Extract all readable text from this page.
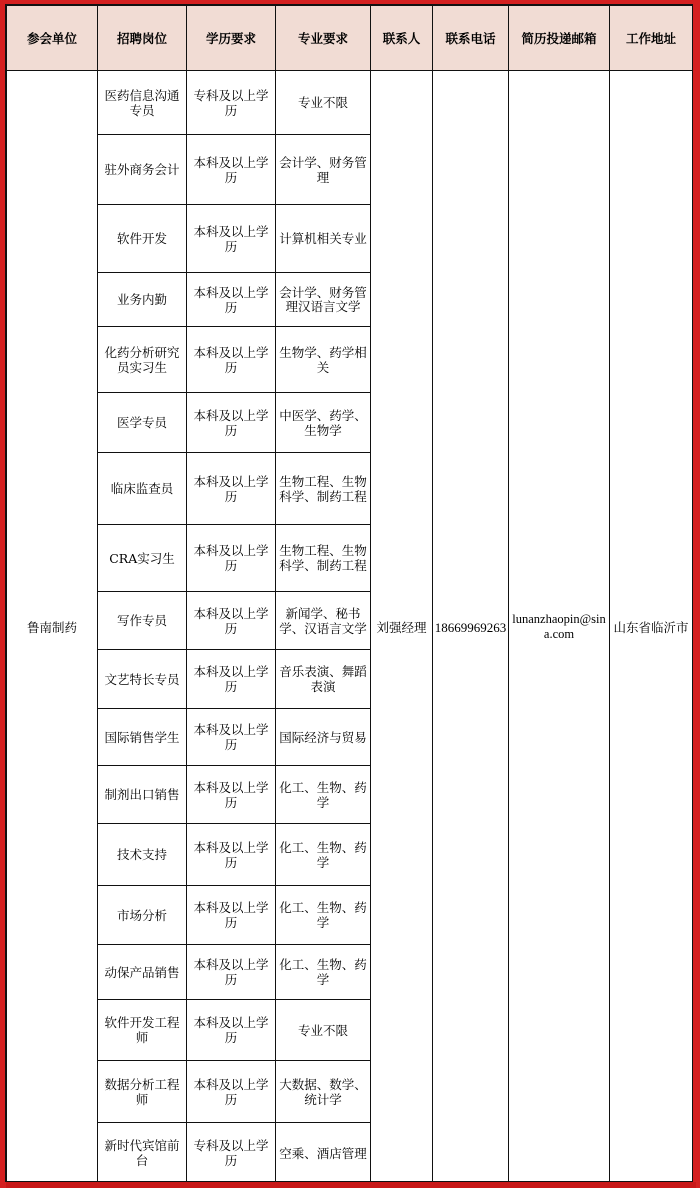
参会单位	招聘岗位	学历要求	专业要求	联系人	联系电话	简历投递邮箱	工作地址
鲁南制药	医药信息沟通专员	专科及以上学历	专业不限	刘强经理	18669969263	lunanzhaopin@sina.com	山东省临沂市
	驻外商务会计	本科及以上学历	会计学、财务管理				
	软件开发	本科及以上学历	计算机相关专业				
	业务内勤	本科及以上学历	会计学、财务管理汉语言文学				
	化药分析研究员实习生	本科及以上学历	生物学、药学相关				
	医学专员	本科及以上学历	中医学、药学、生物学				
	临床监查员	本科及以上学历	生物工程、生物科学、制药工程				
	CRA实习生	本科及以上学历	生物工程、生物科学、制药工程				
	写作专员	本科及以上学历	新闻学、秘书学、汉语言文学				
	文艺特长专员	本科及以上学历	音乐表演、舞蹈表演				
	国际销售学生	本科及以上学历	国际经济与贸易				
	制剂出口销售	本科及以上学历	化工、生物、药学				
	技术支持	本科及以上学历	化工、生物、药学				
	市场分析	本科及以上学历	化工、生物、药学				
	动保产品销售	本科及以上学历	化工、生物、药学				
	软件开发工程师	本科及以上学历	专业不限				
	数据分析工程师	本科及以上学历	大数据、数学、统计学				
	新时代宾馆前台	专科及以上学历	空乘、酒店管理				
